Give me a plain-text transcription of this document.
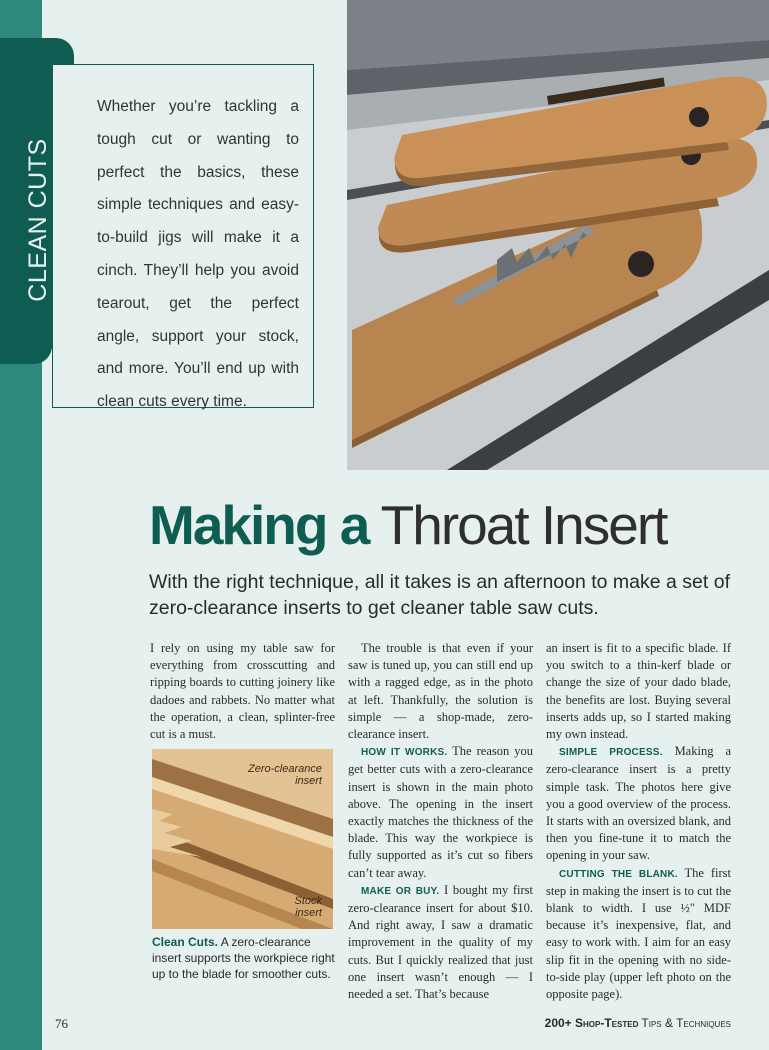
CLEAN CUTS

Whether you’re tackling a tough cut or wanting to perfect the basics, these simple techniques and easy-to-build jigs will make it a cinch. They’ll help you avoid tearout, get the perfect angle, support your stock, and more. You’ll end up with clean cuts every time.

Making a Throat Insert

With the right technique, all it takes is an afternoon to make a set of zero-clearance inserts to get cleaner table saw cuts.

I rely on using my table saw for everything from crosscutting and ripping boards to cutting joinery like dadoes and rabbets. No matter what the operation, a clean, splinter-free cut is a must.

Zero-clearance insert
Stock insert
Clean Cuts. A zero-clearance insert supports the workpiece right up to the blade for smoother cuts.

The trouble is that even if your saw is tuned up, you can still end up with a ragged edge, as in the photo at left. Thankfully, the solution is simple — a shop-made, zero-clearance insert.

HOW IT WORKS. The reason you get better cuts with a zero-clearance insert is shown in the main photo above. The opening in the insert exactly matches the thickness of the blade. This way the workpiece is fully supported as it’s cut so fibers can’t tear away.

MAKE OR BUY. I bought my first zero-clearance insert for about $10. And right away, I saw a dramatic improvement in the quality of my cuts. But I quickly realized that just one insert wasn’t enough — I needed a set. That’s because

an insert is fit to a specific blade. If you switch to a thin-kerf blade or change the size of your dado blade, the benefits are lost. Buying several inserts adds up, so I started making my own instead.

SIMPLE PROCESS. Making a zero-clearance insert is a pretty simple task. The photos here give you a good overview of the process. It starts with an oversized blank, and then you fine-tune it to match the opening in your saw.

CUTTING THE BLANK. The first step in making the insert is to cut the blank to width. I use ½" MDF because it’s inexpensive, flat, and easy to work with. I aim for an easy slip fit in the opening with no side-to-side play (upper left photo on the opposite page).

76	200+ Shop-Tested Tips & Techniques
